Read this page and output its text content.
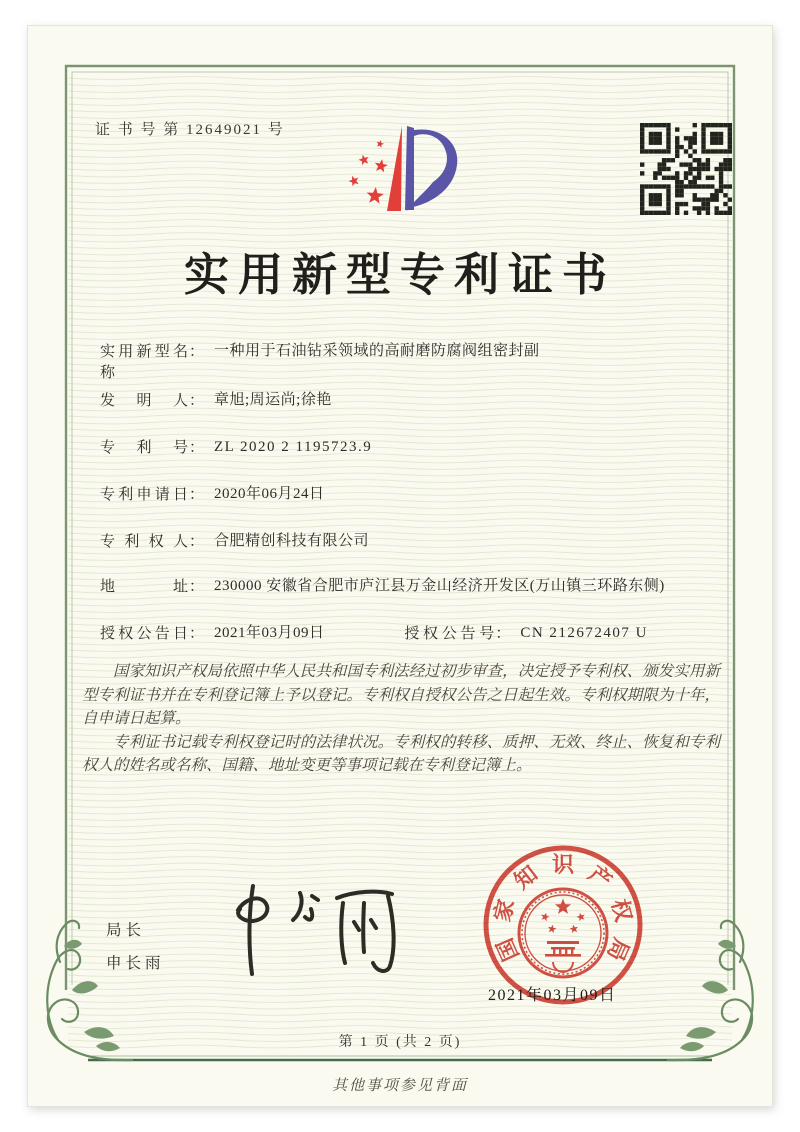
国
家
知 识 产
权
局
证 书 号 第 12649021 号
实用新型专利证书
实用新型名称
： 一种用于石油钻采领域的高耐磨防腐阀组密封副
发明人 ： 章旭;周运尚;徐艳
专利号 ： ZL 2020 2 1195723.9
专利申请日 ： 2020年06月24日
专利权人 ： 合肥精创科技有限公司
地址 ： 230000 安徽省合肥市庐江县万金山经济开发区(万山镇三环路东侧)
授权公告日 ： 2021年03月09日	授权公告号 ： CN 212672407 U

国家知识产权局依照中华人民共和国专利法经过初步审查，决定授予专利权、颁发实用新型专利证书并在专利登记簿上予以登记。专利权自授权公告之日起生效。专利权期限为十年，自申请日起算。

专利证书记载专利权登记时的法律状况。专利权的转移、质押、无效、终止、恢复和专利权人的姓名或名称、国籍、地址变更等事项记载在专利登记簿上。

局长
申长雨
2021年03月09日
第 1 页 (共 2 页)
其他事项参见背面
